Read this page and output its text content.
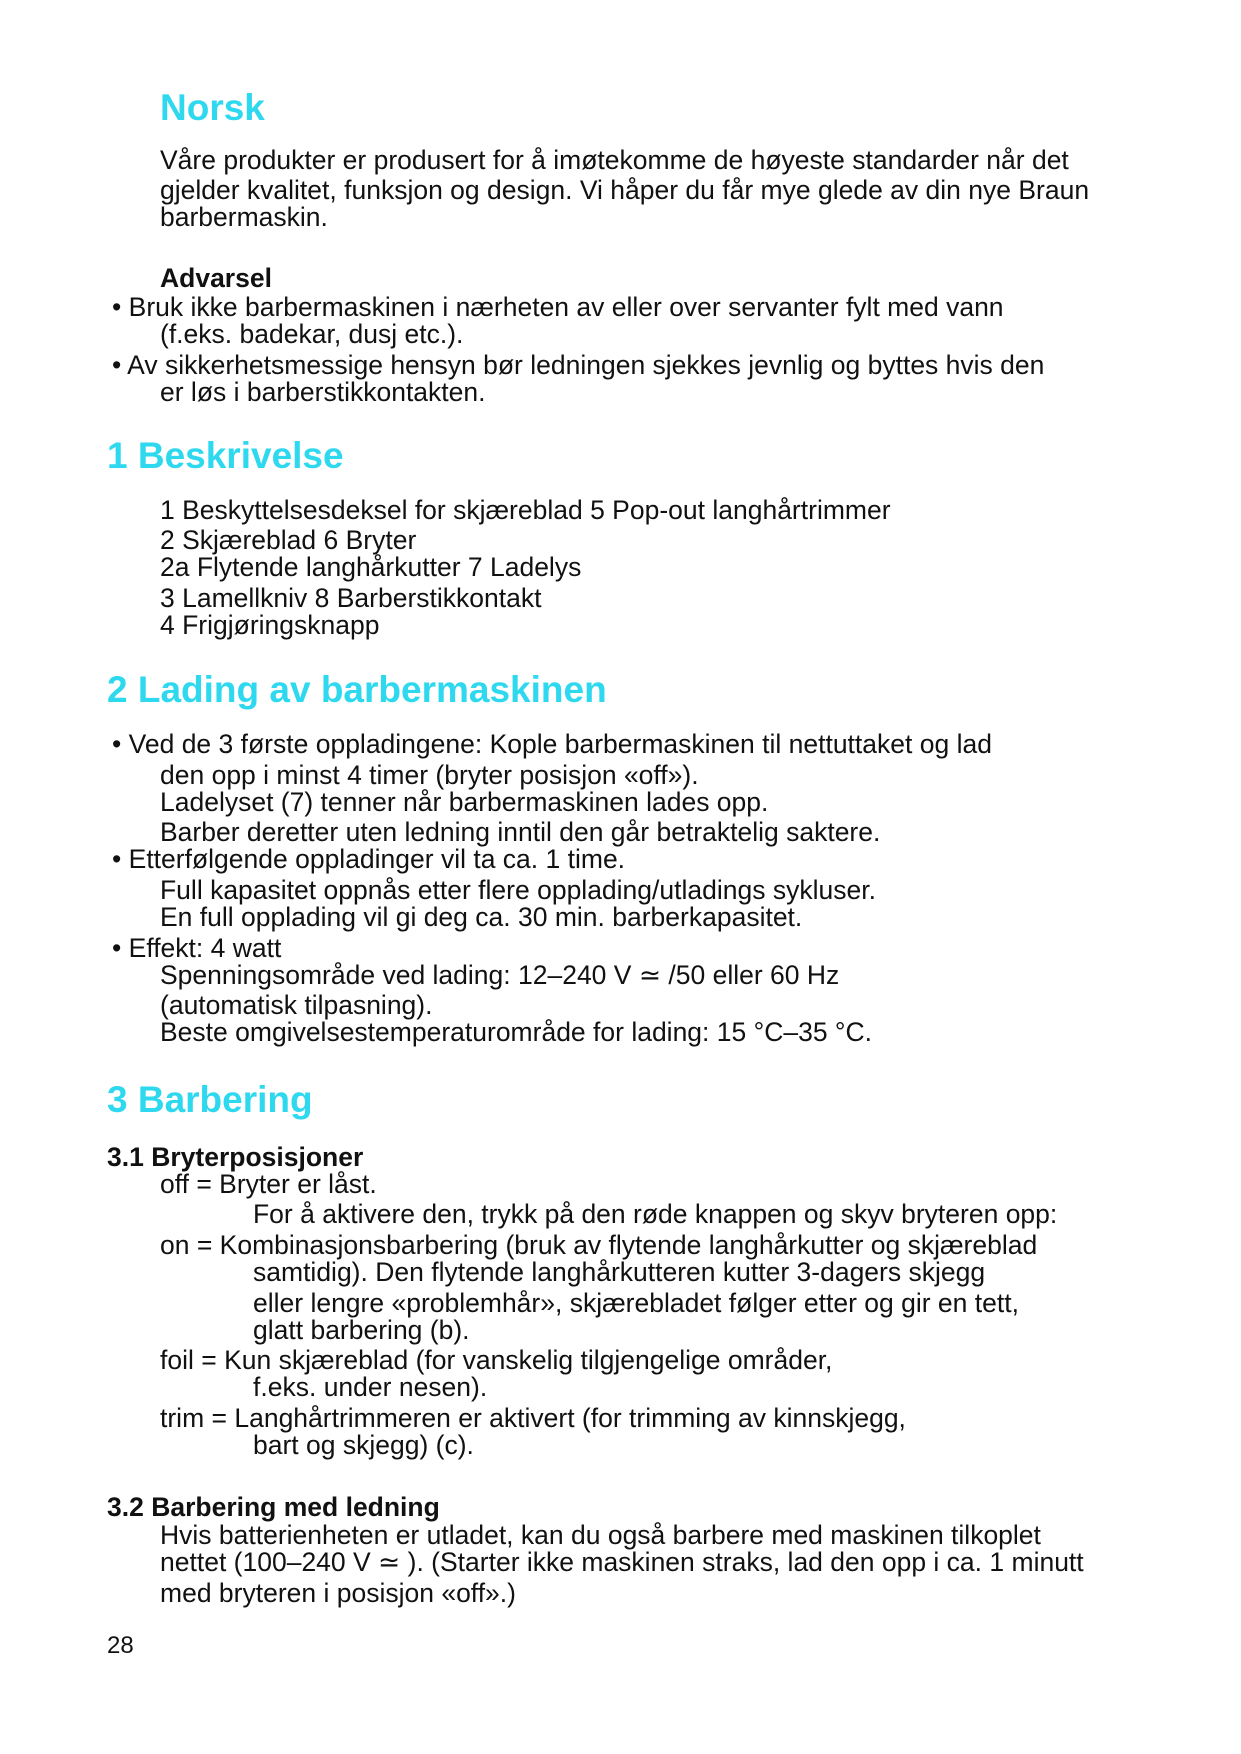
Norsk
Våre produkter er produsert for å imøtekomme de høyeste standarder når det
gjelder kvalitet, funksjon og design. Vi håper du får mye glede av din nye Braun
barbermaskin.
Advarsel
• Bruk ikke barbermaskinen i nærheten av eller over servanter fylt med vann
(f.eks. badekar, dusj etc.).
• Av sikkerhetsmessige hensyn bør ledningen sjekkes jevnlig og byttes hvis den
er løs i barberstikkontakten.
1 Beskrivelse
1 Beskyttelsesdeksel for skjæreblad 5 Pop-out langhårtrimmer
2 Skjæreblad 6 Bryter
2a Flytende langhårkutter 7 Ladelys
3 Lamellkniv 8 Barberstikkontakt
4 Frigjøringsknapp
2 Lading av barbermaskinen
• Ved de 3 første oppladingene: Kople barbermaskinen til nettuttaket og lad
den opp i minst 4 timer (bryter posisjon «off»).
Ladelyset (7) tenner når barbermaskinen lades opp.
Barber deretter uten ledning inntil den går betraktelig saktere.
• Etterfølgende oppladinger vil ta ca. 1 time.
Full kapasitet oppnås etter flere opplading/utladings sykluser.
En full opplading vil gi deg ca. 30 min. barberkapasitet.
• Effekt: 4 watt
Spenningsområde ved lading: 12–240 V ≃ /50 eller 60 Hz
(automatisk tilpasning).
Beste omgivelsestemperaturområde for lading: 15 °C–35 °C.
3 Barbering
3.1 Bryterposisjoner
off = Bryter er låst.
For å aktivere den, trykk på den røde knappen og skyv bryteren opp:
on = Kombinasjonsbarbering (bruk av flytende langhårkutter og skjæreblad
samtidig). Den flytende langhårkutteren kutter 3-dagers skjegg
eller lengre «problemhår», skjærebladet følger etter og gir en tett,
glatt barbering (b).
foil = Kun skjæreblad (for vanskelig tilgjengelige områder,
f.eks. under nesen).
trim = Langhårtrimmeren er aktivert (for trimming av kinnskjegg,
bart og skjegg) (c).
3.2 Barbering med ledning
Hvis batterienheten er utladet, kan du også barbere med maskinen tilkoplet
nettet (100–240 V ≃ ). (Starter ikke maskinen straks, lad den opp i ca. 1 minutt
med bryteren i posisjon «off».)
28
